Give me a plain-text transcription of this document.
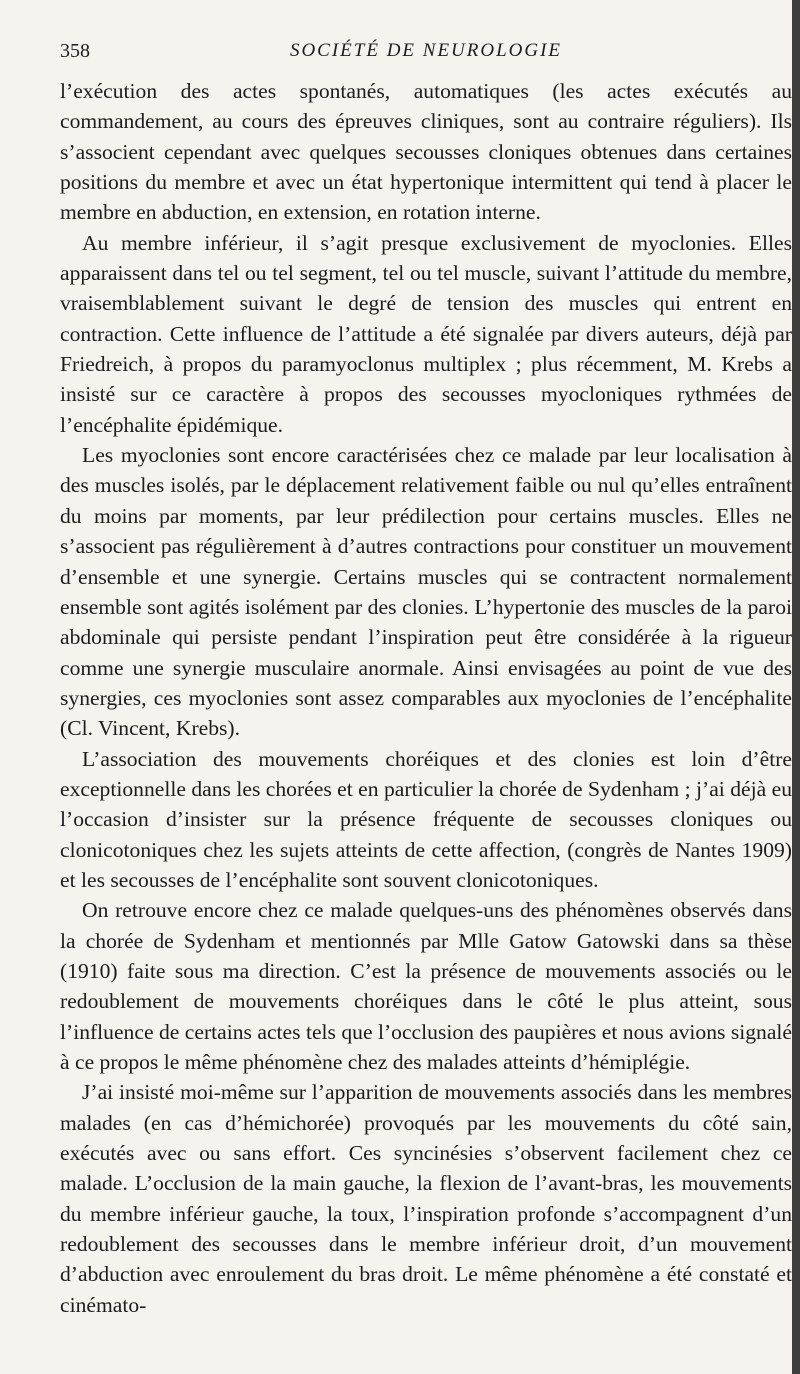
358	SOCIÉTÉ DE NEUROLOGIE

l’exécution des actes spontanés, automatiques (les actes exécutés au commandement, au cours des épreuves cliniques, sont au contraire réguliers). Ils s’associent cependant avec quelques secousses cloniques obtenues dans certaines positions du membre et avec un état hypertonique intermittent qui tend à placer le membre en abduction, en extension, en rotation interne.

Au membre inférieur, il s’agit presque exclusivement de myoclonies. Elles apparaissent dans tel ou tel segment, tel ou tel muscle, suivant l’attitude du membre, vraisemblablement suivant le degré de tension des muscles qui entrent en contraction. Cette influence de l’attitude a été signalée par divers auteurs, déjà par Friedreich, à propos du paramyoclonus multiplex ; plus récemment, M. Krebs a insisté sur ce caractère à propos des secousses myocloniques rythmées de l’encéphalite épidémique.

Les myoclonies sont encore caractérisées chez ce malade par leur localisation à des muscles isolés, par le déplacement relativement faible ou nul qu’elles entraînent du moins par moments, par leur prédilection pour certains muscles. Elles ne s’associent pas régulièrement à d’autres contractions pour constituer un mouvement d’ensemble et une synergie. Certains muscles qui se contractent normalement ensemble sont agités isolément par des clonies. L’hypertonie des muscles de la paroi abdominale qui persiste pendant l’inspiration peut être considérée à la rigueur comme une synergie musculaire anormale. Ainsi envisagées au point de vue des synergies, ces myoclonies sont assez comparables aux myoclonies de l’encéphalite (Cl. Vincent, Krebs).

L’association des mouvements choréiques et des clonies est loin d’être exceptionnelle dans les chorées et en particulier la chorée de Sydenham ; j’ai déjà eu l’occasion d’insister sur la présence fréquente de secousses cloniques ou clonicotoniques chez les sujets atteints de cette affection, (congrès de Nantes 1909) et les secousses de l’encéphalite sont souvent clonicotoniques.

On retrouve encore chez ce malade quelques-uns des phénomènes observés dans la chorée de Sydenham et mentionnés par Mlle Gatow Gatowski dans sa thèse (1910) faite sous ma direction. C’est la présence de mouvements associés ou le redoublement de mouvements choréiques dans le côté le plus atteint, sous l’influence de certains actes tels que l’occlusion des paupières et nous avions signalé à ce propos le même phénomène chez des malades atteints d’hémiplégie.

J’ai insisté moi-même sur l’apparition de mouvements associés dans les membres malades (en cas d’hémichorée) provoqués par les mouvements du côté sain, exécutés avec ou sans effort. Ces syncinésies s’observent facilement chez ce malade. L’occlusion de la main gauche, la flexion de l’avant-bras, les mouvements du membre inférieur gauche, la toux, l’inspiration profonde s’accompagnent d’un redoublement des secousses dans le membre inférieur droit, d’un mouvement d’abduction avec enroulement du bras droit. Le même phénomène a été constaté et cinémato-
